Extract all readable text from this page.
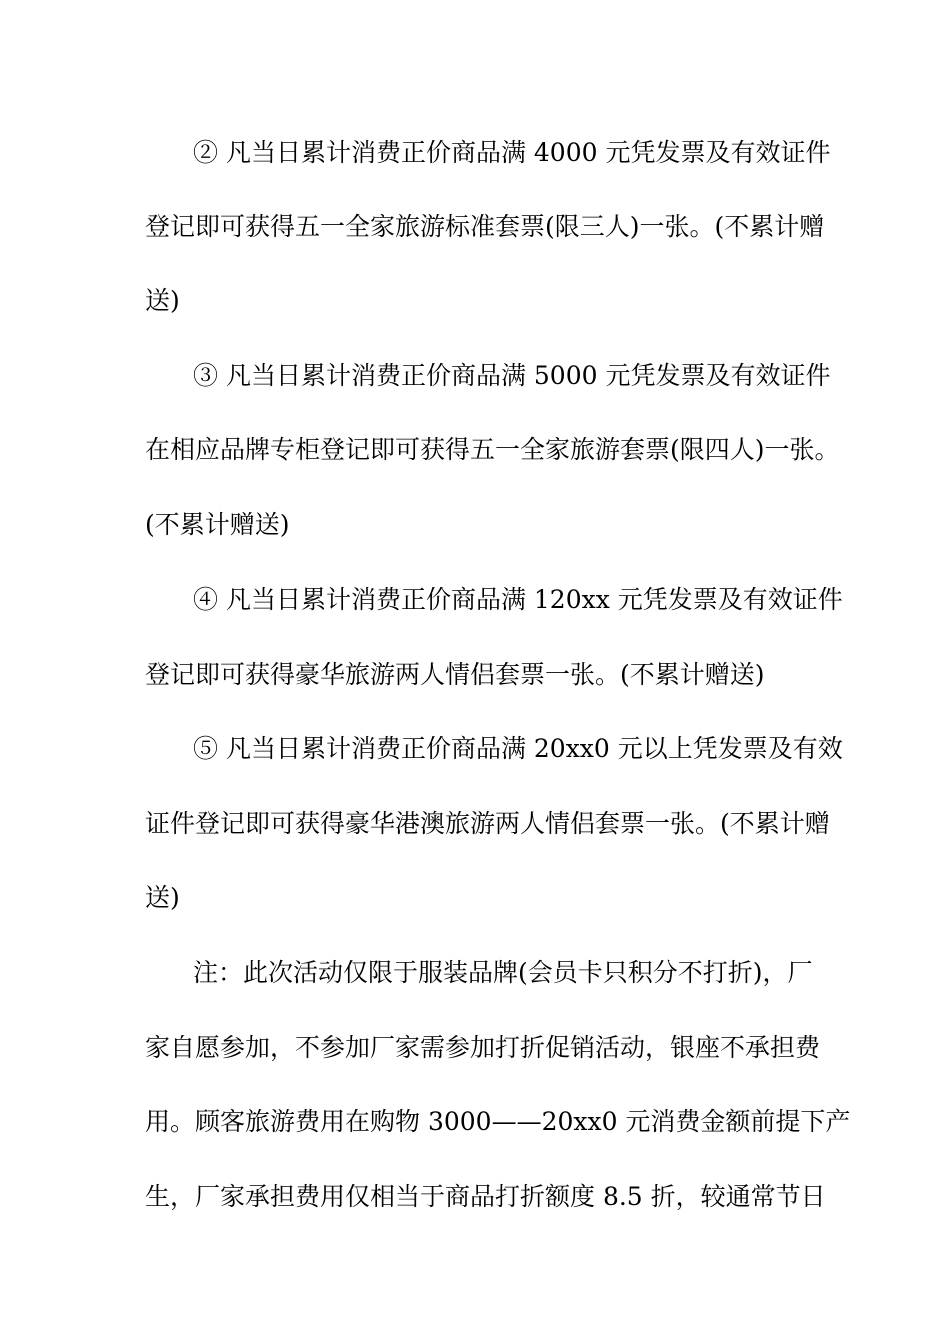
② 凡当日累计消费正价商品满 4000 元凭发票及有效证件
登记即可获得五一全家旅游标准套票(限三人)一张。(不累计赠
送)
③ 凡当日累计消费正价商品满 5000 元凭发票及有效证件
在相应品牌专柜登记即可获得五一全家旅游套票(限四人)一张。
(不累计赠送)
④ 凡当日累计消费正价商品满 120xx 元凭发票及有效证件
登记即可获得豪华旅游两人情侣套票一张。(不累计赠送)
⑤ 凡当日累计消费正价商品满 20xx0 元以上凭发票及有效
证件登记即可获得豪华港澳旅游两人情侣套票一张。(不累计赠
送)
注：此次活动仅限于服装品牌(会员卡只积分不打折)，厂
家自愿参加，不参加厂家需参加打折促销活动，银座不承担费
用。顾客旅游费用在购物 3000——20xx0 元消费金额前提下产
生，厂家承担费用仅相当于商品打折额度 8.5 折，较通常节日
